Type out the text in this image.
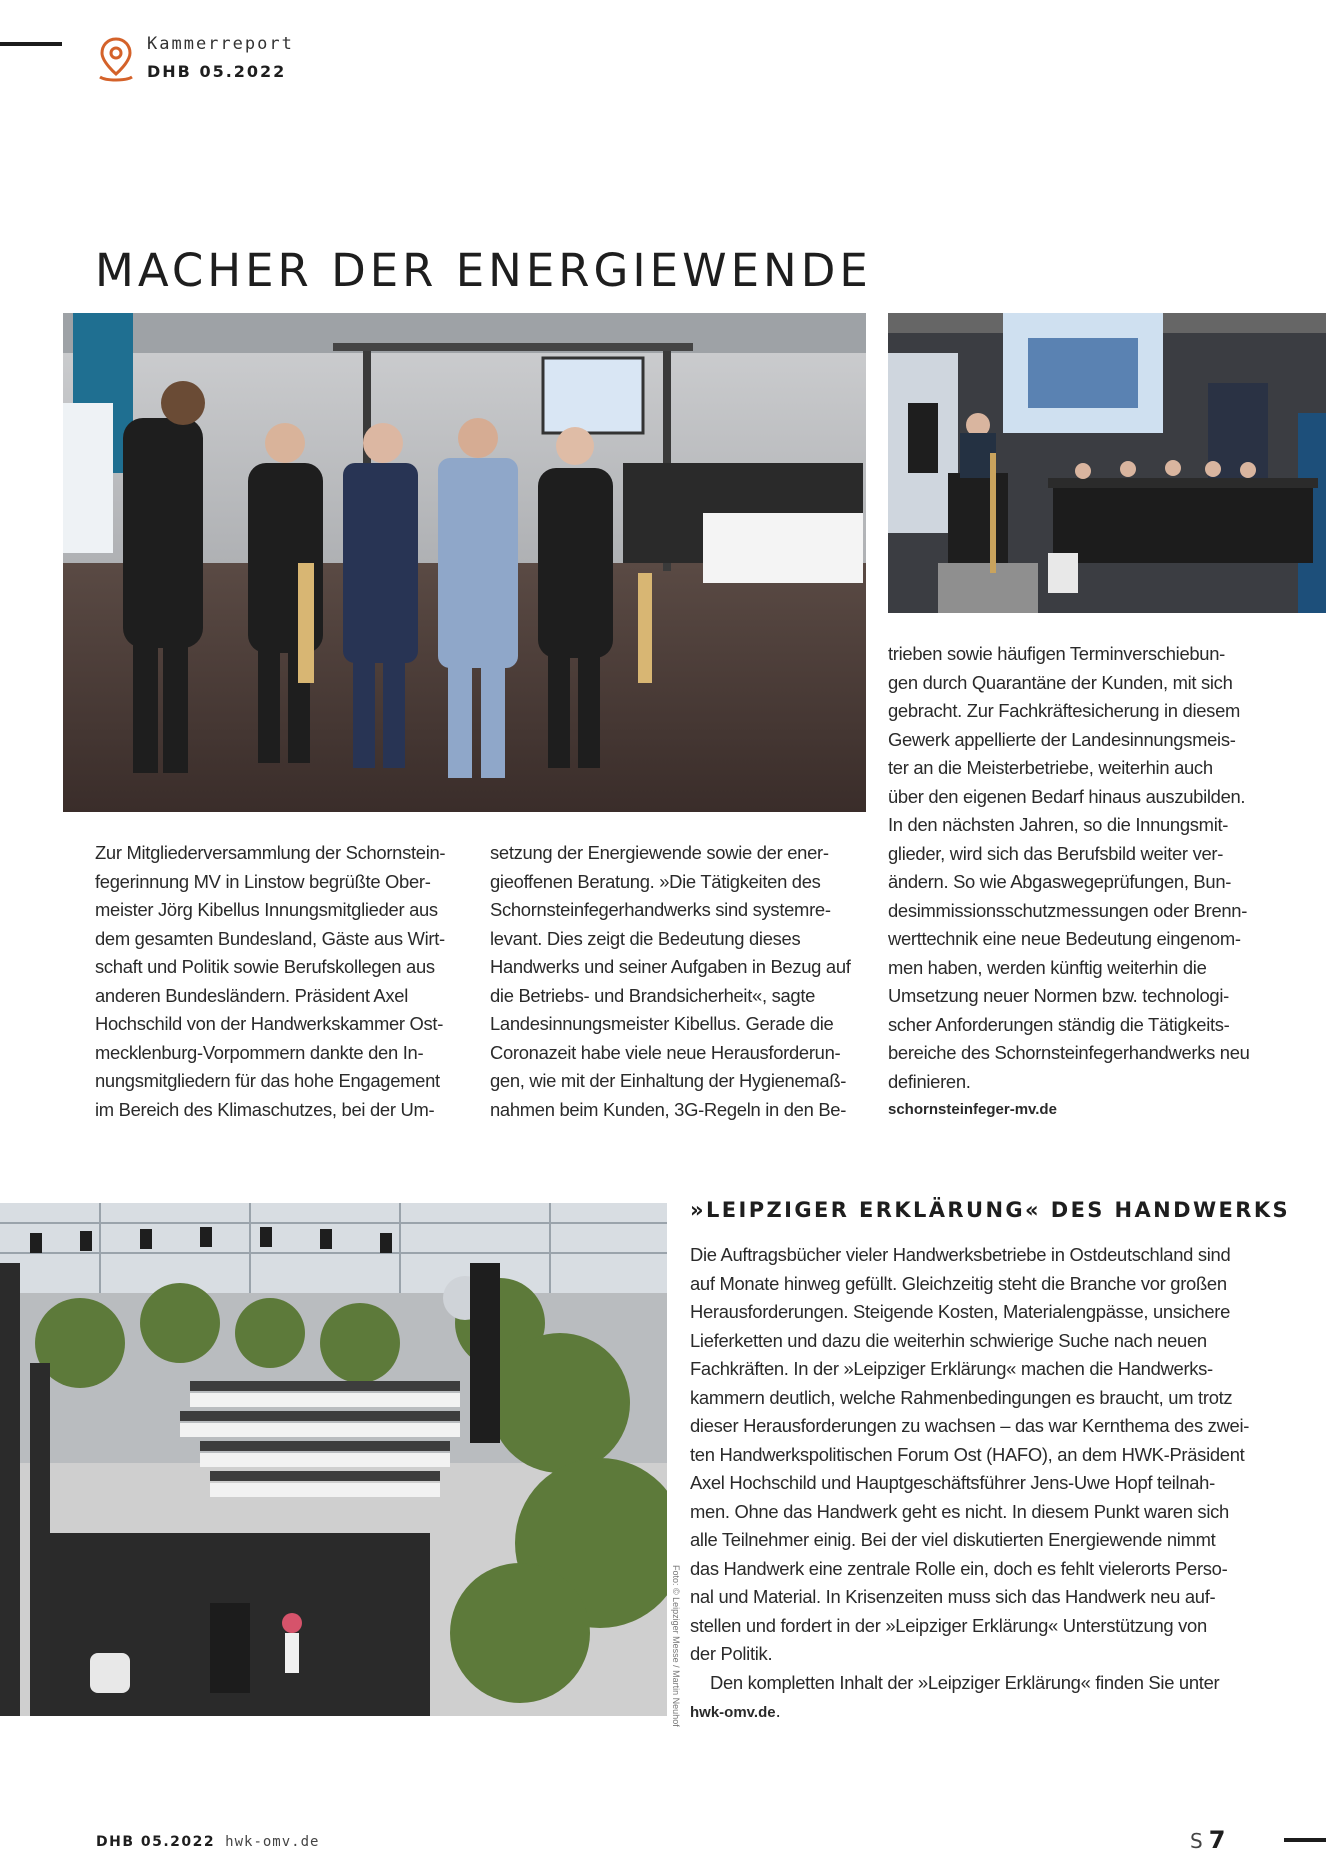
Kammerreport
DHB 05.2022
MACHER DER ENERGIEWENDE

Zur Mitgliederversammlung der Schornstein-

fegerinnung MV in Linstow begrüßte Ober-

meister Jörg Kibellus Innungsmitglieder aus

dem gesamten Bundesland, Gäste aus Wirt-

schaft und Politik sowie Berufskollegen aus

anderen Bundesländern. Präsident Axel

Hochschild von der Handwerkskammer Ost-

mecklenburg-Vorpommern dankte den In-

nungsmitgliedern für das hohe Engagement

im Bereich des Klimaschutzes, bei der Um-

setzung der Energiewende sowie der ener-

gieoffenen Beratung. »Die Tätigkeiten des

Schornsteinfegerhandwerks sind systemre-

levant. Dies zeigt die Bedeutung dieses

Handwerks und seiner Aufgaben in Bezug auf

die Betriebs- und Brandsicherheit«, sagte

Landesinnungsmeister Kibellus. Gerade die

Coronazeit habe viele neue Herausforderun-

gen, wie mit der Einhaltung der Hygienemaß-

nahmen beim Kunden, 3G-Regeln in den Be-

trieben sowie häufigen Terminverschiebun-

gen durch Quarantäne der Kunden, mit sich

gebracht. Zur Fachkräftesicherung in diesem

Gewerk appellierte der Landesinnungsmeis-

ter an die Meisterbetriebe, weiterhin auch

über den eigenen Bedarf hinaus auszubilden.

In den nächsten Jahren, so die Innungsmit-

glieder, wird sich das Berufsbild weiter ver-

ändern. So wie Abgaswegeprüfungen, Bun-

desimmissionsschutzmessungen oder Brenn-

werttechnik eine neue Bedeutung eingenom-

men haben, werden künftig weiterhin die

Umsetzung neuer Normen bzw. technologi-

scher Anforderungen ständig die Tätigkeits-

bereiche des Schornsteinfegerhandwerks neu

definieren.

schornsteinfeger-mv.de

Foto: © Leipziger Messe / Martin Neuhof
»LEIPZIGER ERKLÄRUNG« DES HANDWERKS

Die Auftragsbücher vieler Handwerksbetriebe in Ostdeutschland sind

auf Monate hinweg gefüllt. Gleichzeitig steht die Branche vor großen

Herausforderungen. Steigende Kosten, Materialengpässe, unsichere

Lieferketten und dazu die weiterhin schwierige Suche nach neuen

Fachkräften. In der »Leipziger Erklärung« machen die Handwerks-

kammern deutlich, welche Rahmenbedingungen es braucht, um trotz

dieser Herausforderungen zu wachsen – das war Kernthema des zwei-

ten Handwerkspolitischen Forum Ost (HAFO), an dem HWK-Präsident

Axel Hochschild und Hauptgeschäftsführer Jens-Uwe Hopf teilnah-

men. Ohne das Handwerk geht es nicht. In diesem Punkt waren sich

alle Teilnehmer einig. Bei der viel diskutierten Energiewende nimmt

das Handwerk eine zentrale Rolle ein, doch es fehlt vielerorts Perso-

nal und Material. In Krisenzeiten muss sich das Handwerk neu auf-

stellen und fordert in der »Leipziger Erklärung« Unterstützung von

der Politik.

Den kompletten Inhalt der »Leipziger Erklärung« finden Sie unter

hwk-omv.de.

DHB 05.2022 hwk-omv.de	S 7
